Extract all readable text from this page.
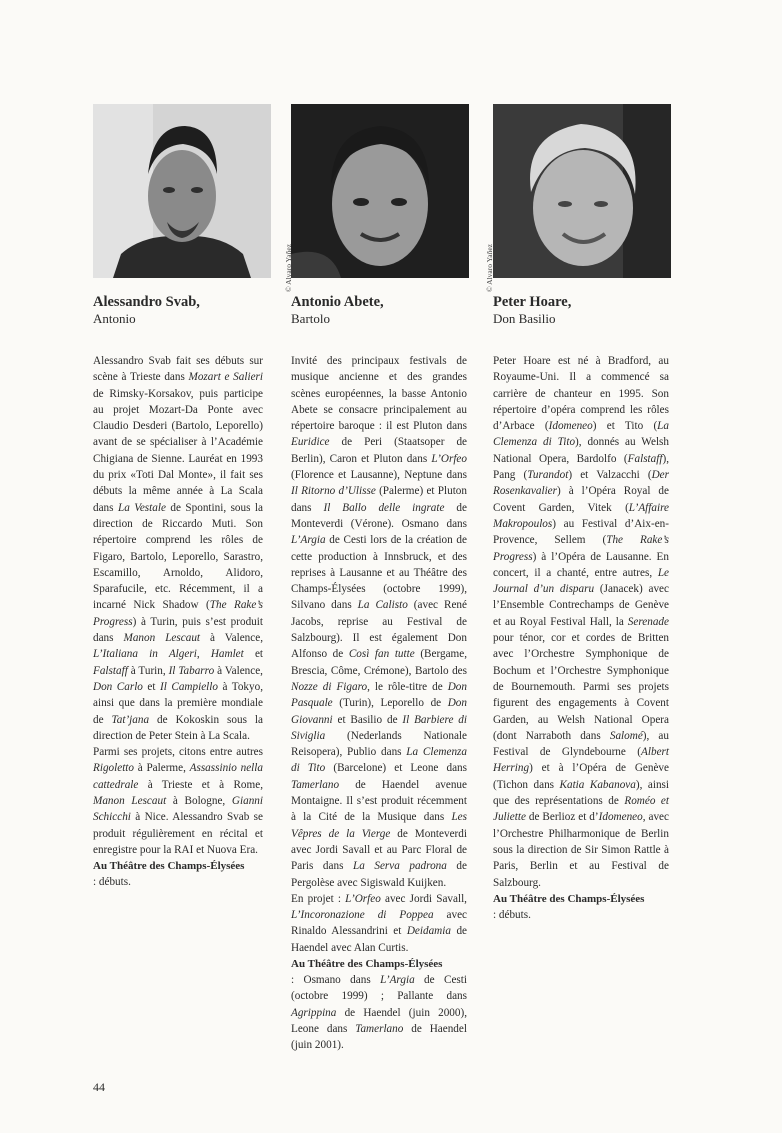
© Alvaro Yañez	© Alvaro Yañez

Alessandro Svab,

Antonio

Alessandro Svab fait ses débuts sur scène à Trieste dans Mozart e Salieri de Rimsky-Korsakov, puis participe au projet Mozart-Da Ponte avec Claudio Desderi (Bartolo, Leporello) avant de se spécialiser à l’Académie Chigiana de Sienne. Lauréat en 1993 du prix «Toti Dal Monte», il fait ses débuts la même année à La Scala dans La Vestale de Spontini, sous la direction de Riccardo Muti. Son répertoire comprend les rôles de Figaro, Bartolo, Leporello, Sarastro, Escamillo, Arnoldo, Alidoro, Sparafucile, etc. Récemment, il a incarné Nick Shadow (The Rake’s Progress) à Turin, puis s’est produit dans Manon Lescaut à Valence, L’Italiana in Algeri, Hamlet et Falstaff à Turin, Il Tabarro à Valence, Don Carlo et Il Campiello à Tokyo, ainsi que dans la première mondiale de Tat’jana de Kokoskin sous la direction de Peter Stein à La Scala.
Parmi ses projets, citons entre autres Rigoletto à Palerme, Assassinio nella cattedrale à Trieste et à Rome, Manon Lescaut à Bologne, Gianni Schicchi à Nice. Alessandro Svab se produit régulièrement en récital et enregistre pour la RAI et Nuova Era.

Au Théâtre des Champs-Élysées

: débuts.

Antonio Abete,

Bartolo

Invité des principaux festivals de musique ancienne et des grandes scènes européennes, la basse Antonio Abete se consacre principalement au répertoire baroque : il est Pluton dans Euridice de Peri (Staatsoper de Berlin), Caron et Pluton dans L’Orfeo (Florence et Lausanne), Neptune dans Il Ritorno d’Ulisse (Palerme) et Pluton dans Il Ballo delle ingrate de Monteverdi (Vérone). Osmano dans L’Argia de Cesti lors de la création de cette production à Innsbruck, et des reprises à Lausanne et au Théâtre des Champs-Élysées (octobre 1999), Silvano dans La Calisto (avec René Jacobs, reprise au Festival de Salzbourg). Il est également Don Alfonso de Così fan tutte (Bergame, Brescia, Côme, Crémone), Bartolo des Nozze di Figaro, le rôle-titre de Don Pasquale (Turin), Leporello de Don Giovanni et Basilio de Il Barbiere di Siviglia (Nederlands Nationale Reisopera), Publio dans La Clemenza di Tito (Barcelone) et Leone dans Tamerlano de Haendel avenue Montaigne. Il s’est produit récemment à la Cité de la Musique dans Les Vêpres de la Vierge de Monteverdi avec Jordi Savall et au Parc Floral de Paris dans La Serva padrona de Pergolèse avec Sigiswald Kuijken.
En projet : L’Orfeo avec Jordi Savall, L’Incoronazione di Poppea avec Rinaldo Alessandrini et Deidamia de Haendel avec Alan Curtis.

Au Théâtre des Champs-Élysées

: Osmano dans L’Argia de Cesti (octobre 1999) ; Pallante dans Agrippina de Haendel (juin 2000), Leone dans Tamerlano de Haendel (juin 2001).

Peter Hoare,

Don Basilio

Peter Hoare est né à Bradford, au Royaume-Uni. Il a commencé sa carrière de chanteur en 1995. Son répertoire d’opéra comprend les rôles d’Arbace (Idomeneo) et Tito (La Clemenza di Tito), donnés au Welsh National Opera, Bardolfo (Falstaff), Pang (Turandot) et Valzacchi (Der Rosenkavalier) à l’Opéra Royal de Covent Garden, Vitek (L’Affaire Makropoulos) au Festival d’Aix-en-Provence, Sellem (The Rake’s Progress) à l’Opéra de Lausanne. En concert, il a chanté, entre autres, Le Journal d’un disparu (Janacek) avec l’Ensemble Contrechamps de Genève et au Royal Festival Hall, la Serenade pour ténor, cor et cordes de Britten avec l’Orchestre Symphonique de Bochum et l’Orchestre Symphonique de Bournemouth. Parmi ses projets figurent des engagements à Covent Garden, au Welsh National Opera (dont Narraboth dans Salomé), au Festival de Glyndebourne (Albert Herring) et à l’Opéra de Genève (Tichon dans Katia Kabanova), ainsi que des représentations de Roméo et Juliette de Berlioz et d’Idomeneo, avec l’Orchestre Philharmonique de Berlin sous la direction de Sir Simon Rattle à Paris, Berlin et au Festival de Salzbourg.

Au Théâtre des Champs-Élysées

: débuts.

44
